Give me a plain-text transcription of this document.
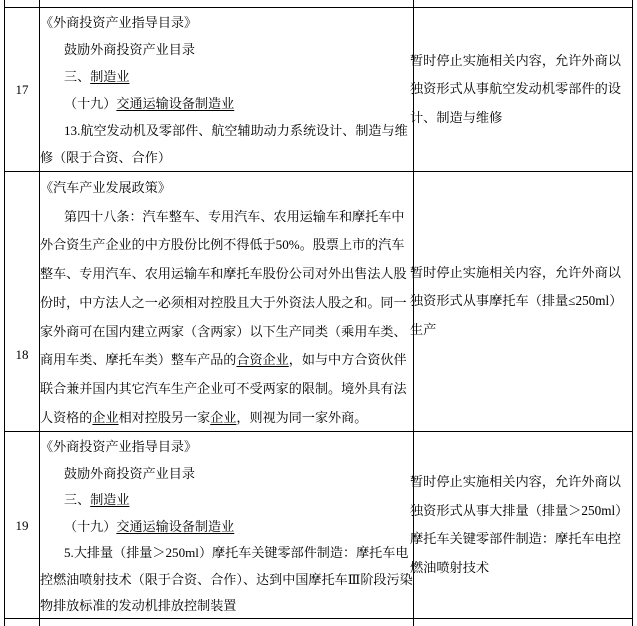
17
《外商投资产业指导目录》
鼓励外商投资产业目录
三、制造业
（十九）交通运输设备制造业
13.航空发动机及零部件、航空辅助动力系统设计、制造与维修（限于合资、合作）
暂时停止实施相关内容，允许外商以独资形式从事航空发动机零部件的设计、制造与维修
18
《汽车产业发展政策》
第四十八条：汽车整车、专用汽车、农用运输车和摩托车中外合资生产企业的中方股份比例不得低于50%。股票上市的汽车整车、专用汽车、农用运输车和摩托车股份公司对外出售法人股份时，中方法人之一必须相对控股且大于外资法人股之和。同一家外商可在国内建立两家（含两家）以下生产同类（乘用车类、商用车类、摩托车类）整车产品的合资企业，如与中方合资伙伴联合兼并国内其它汽车生产企业可不受两家的限制。境外具有法人资格的企业相对控股另一家企业，则视为同一家外商。
暂时停止实施相关内容，允许外商以独资形式从事摩托车（排量≤250ml）生产
19
《外商投资产业指导目录》
鼓励外商投资产业目录
三、制造业
（十九）交通运输设备制造业
5.大排量（排量＞250ml）摩托车关键零部件制造：摩托车电控燃油喷射技术（限于合资、合作）、达到中国摩托车Ⅲ阶段污染物排放标准的发动机排放控制装置
暂时停止实施相关内容，允许外商以独资形式从事大排量（排量＞250ml）摩托车关键零部件制造：摩托车电控燃油喷射技术
